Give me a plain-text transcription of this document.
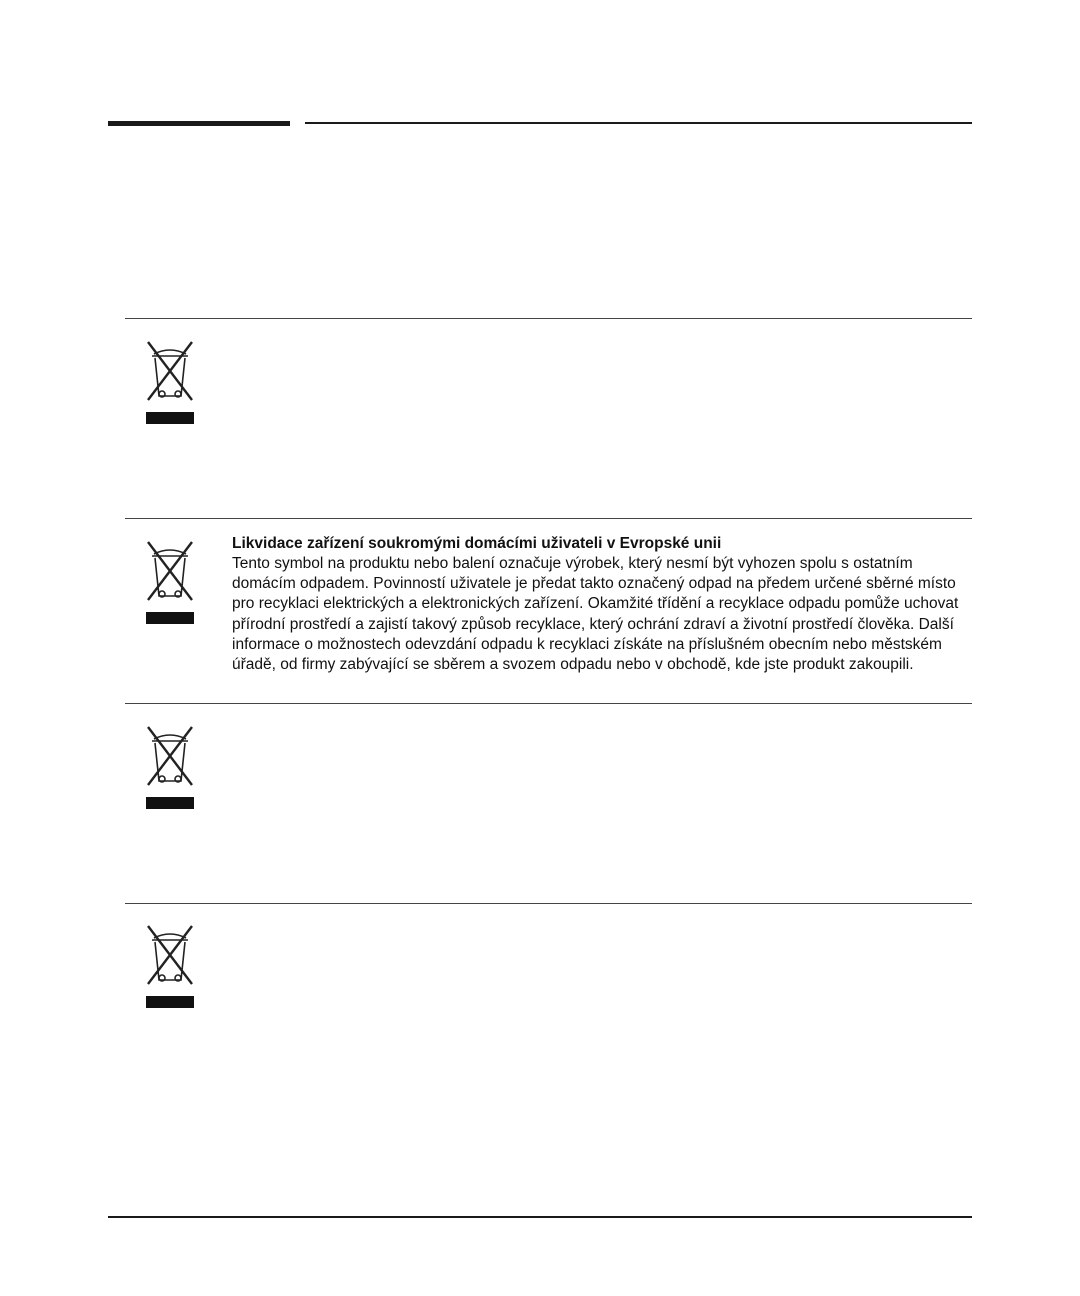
Likvidace zařízení soukromými domácími uživateli v Evropské unii

Tento symbol na produktu nebo balení označuje výrobek, který nesmí být vyhozen spolu s ostatním domácím odpadem. Povinností uživatele je předat takto označený odpad na předem určené sběrné místo pro recyklaci elektrických a elektronických zařízení. Okamžité třídění a recyklace odpadu pomůže uchovat přírodní prostředí a zajistí takový způsob recyklace, který ochrání zdraví a životní prostředí člověka. Další informace o možnostech odevzdání odpadu k recyklaci získáte na příslušném obecním nebo městském úřadě, od firmy zabývající se sběrem a svozem odpadu nebo v obchodě, kde jste produkt zakoupili.
